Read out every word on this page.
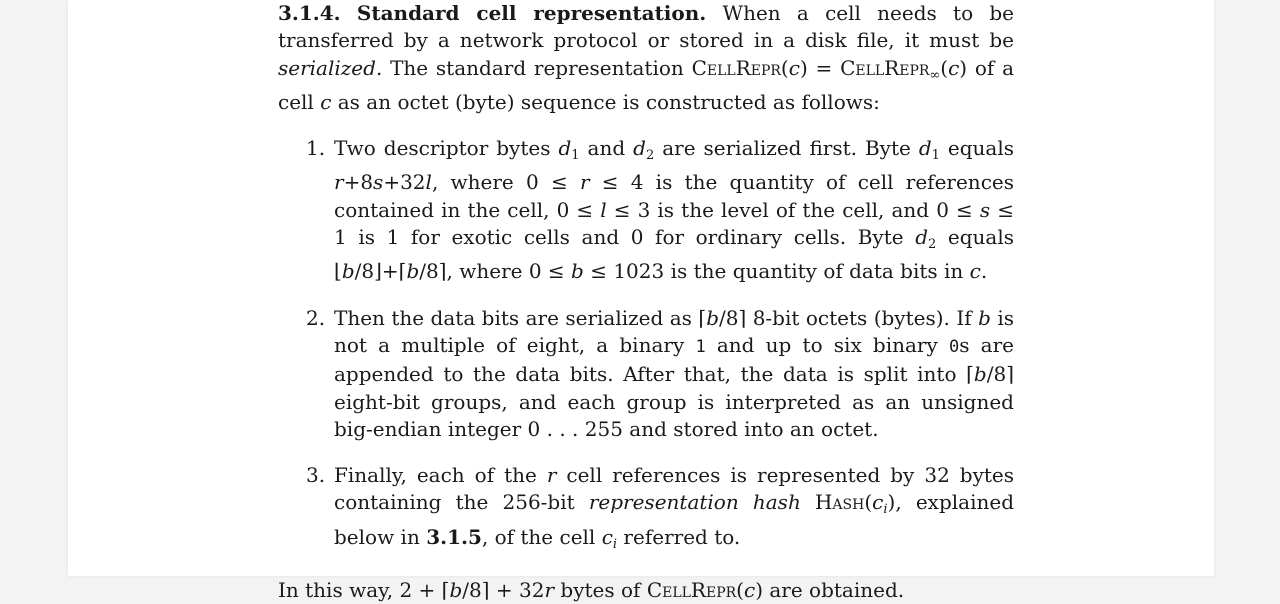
3.1.4. Standard cell representation. When a cell needs to be transferred by a network protocol or stored in a disk file, it must be serialized. The standard representation CellRepr(c) = CellRepr$_\infty$(c) of a cell c as an octet (byte) sequence is constructed as follows:

1. Two descriptor bytes $d_1$ and $d_2$ are serialized first. Byte $d_1$ equals r+8s+32l, where 0 ≤ r ≤ 4 is the quantity of cell references contained in the cell, 0 ≤ l ≤ 3 is the level of the cell, and 0 ≤ s ≤ 1 is 1 for exotic cells and 0 for ordinary cells. Byte $d_2$ equals ⌊b/8⌋+⌈b/8⌉, where 0 ≤ b ≤ 1023 is the quantity of data bits in c.
2. Then the data bits are serialized as ⌈b/8⌉ 8-bit octets (bytes). If b is not a multiple of eight, a binary 1 and up to six binary 0s are appended to the data bits. After that, the data is split into ⌈b/8⌉ eight-bit groups, and each group is interpreted as an unsigned big-endian integer 0 . . . 255 and stored into an octet.
3. Finally, each of the r cell references is represented by 32 bytes containing the 256-bit representation hash $Hash(c_i)$, explained below in 3.1.5, of the cell $c_i$ referred to.

In this way, 2 + ⌈b/8⌉ + 32r bytes of CellRepr(c) are obtained.
